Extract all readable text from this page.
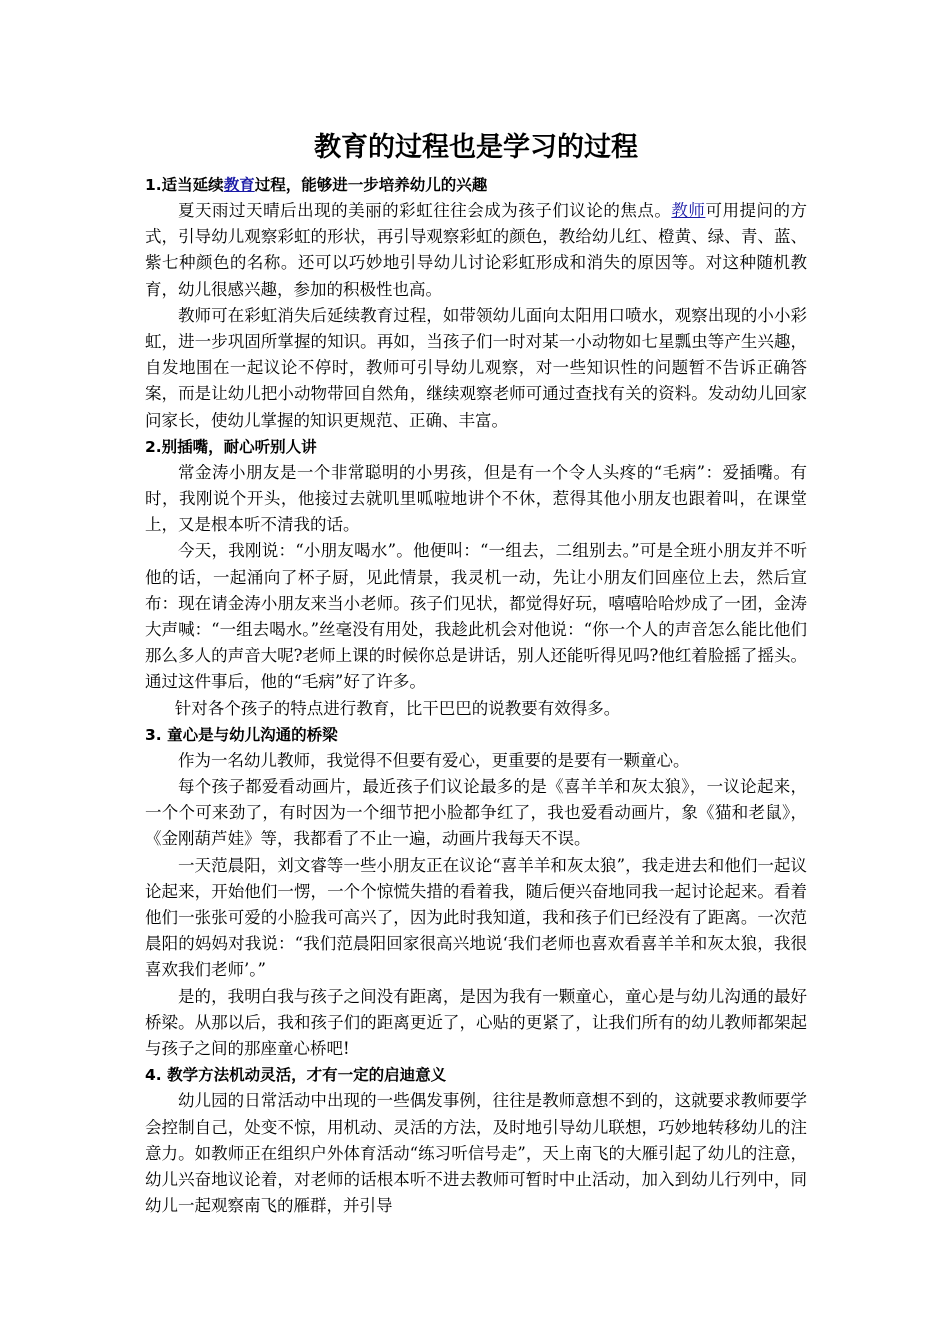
教育的过程也是学习的过程
1.适当延续教育过程，能够进一步培养幼儿的兴趣

夏天雨过天晴后出现的美丽的彩虹往往会成为孩子们议论的焦点。教师可用提问的方式，引导幼儿观察彩虹的形状，再引导观察彩虹的颜色，教给幼儿红、橙黄、绿、青、蓝、紫七种颜色的名称。还可以巧妙地引导幼儿讨论彩虹形成和消失的原因等。对这种随机教育，幼儿很感兴趣，参加的积极性也高。

教师可在彩虹消失后延续教育过程，如带领幼儿面向太阳用口喷水，观察出现的小小彩虹，进一步巩固所掌握的知识。再如，当孩子们一时对某一小动物如七星瓢虫等产生兴趣，自发地围在一起议论不停时，教师可引导幼儿观察，对一些知识性的问题暂不告诉正确答案，而是让幼儿把小动物带回自然角，继续观察老师可通过查找有关的资料。发动幼儿回家问家长，使幼儿掌握的知识更规范、正确、丰富。

2.别插嘴，耐心听别人讲

常金涛小朋友是一个非常聪明的小男孩，但是有一个令人头疼的“毛病”：爱插嘴。有时，我刚说个开头，他接过去就叽里呱啦地讲个不休，惹得其他小朋友也跟着叫，在课堂上，又是根本听不清我的话。

今天，我刚说：“小朋友喝水”。他便叫：“一组去，二组别去。”可是全班小朋友并不听他的话，一起涌向了杯子厨，见此情景，我灵机一动，先让小朋友们回座位上去，然后宣布：现在请金涛小朋友来当小老师。孩子们见状，都觉得好玩，嘻嘻哈哈炒成了一团，金涛大声喊：“一组去喝水。”丝毫没有用处，我趁此机会对他说：“你一个人的声音怎么能比他们那么多人的声音大呢?老师上课的时候你总是讲话，别人还能听得见吗?他红着脸摇了摇头。通过这件事后，他的“毛病”好了许多。

针对各个孩子的特点进行教育，比干巴巴的说教要有效得多。

3. 童心是与幼儿沟通的桥梁

作为一名幼儿教师，我觉得不但要有爱心，更重要的是要有一颗童心。

每个孩子都爱看动画片，最近孩子们议论最多的是《喜羊羊和灰太狼》，一议论起来，一个个可来劲了，有时因为一个细节把小脸都争红了，我也爱看动画片，象《猫和老鼠》，《金刚葫芦娃》等，我都看了不止一遍，动画片我每天不误。

一天范晨阳，刘文睿等一些小朋友正在议论“喜羊羊和灰太狼”，我走进去和他们一起议论起来，开始他们一愣，一个个惊慌失措的看着我，随后便兴奋地同我一起讨论起来。看着他们一张张可爱的小脸我可高兴了，因为此时我知道，我和孩子们已经没有了距离。一次范晨阳的妈妈对我说：“我们范晨阳回家很高兴地说‘我们老师也喜欢看喜羊羊和灰太狼，我很喜欢我们老师’。”

是的，我明白我与孩子之间没有距离，是因为我有一颗童心，童心是与幼儿沟通的最好桥梁。从那以后，我和孩子们的距离更近了，心贴的更紧了，让我们所有的幼儿教师都架起与孩子之间的那座童心桥吧!

4. 教学方法机动灵活，才有一定的启迪意义

幼儿园的日常活动中出现的一些偶发事例，往往是教师意想不到的，这就要求教师要学会控制自己，处变不惊，用机动、灵活的方法，及时地引导幼儿联想，巧妙地转移幼儿的注意力。如教师正在组织户外体育活动“练习听信号走”，天上南飞的大雁引起了幼儿的注意，幼儿兴奋地议论着，对老师的话根本听不进去教师可暂时中止活动，加入到幼儿行列中，同幼儿一起观察南飞的雁群，并引导
